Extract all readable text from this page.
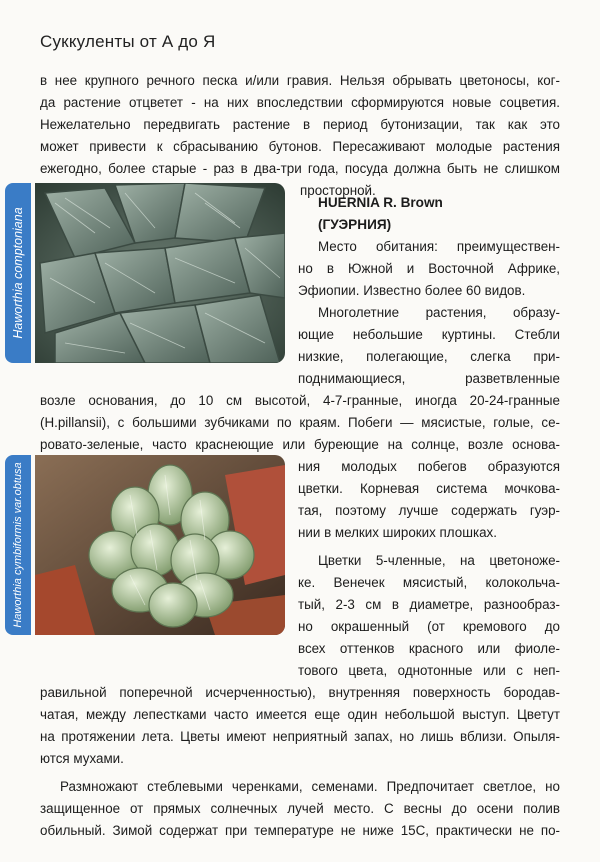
Суккуленты от А до Я
в нее крупного речного песка и/или гравия. Нельзя обрывать цветоносы, ког-
да растение отцветет - на них впоследствии сформируются новые соцветия.
Нежелательно передвигать растение в период бутонизации, так как это
может привести к сбрасыванию бутонов. Пересаживают молодые растения
ежегодно, более старые - раз в два-три года, посуда должна быть не слишком
Haworthia comptoniana
просторной.
HUERNIA R. Brown
(ГУЭРНИЯ)
Место обитания: преимуществен-
но в Южной и Восточной Африке,
Эфиопии. Известно более 60 видов.
Многолетние растения, образу-
ющие небольшие куртины. Стебли
низкие, полегающие, слегка при-
поднимающиеся, разветвленные
возле основания, до 10 см высотой, 4-7-гранные, иногда 20-24-гранные
(H.pillansii), с большими зубчиками по краям. Побеги — мясистые, голые, се-
Haworthia cymbiformis var.obtusa
ровато-зеленые, часто краснеющие или буреющие на солнце, возле основа-
ния молодых побегов образуются
цветки. Корневая система мочкова-
тая, поэтому лучше содержать гуэр-
нии в мелких широких плошках.
Цветки 5-членные, на цветоноже-
ке. Венечек мясистый, колокольча-
тый, 2-3 см в диаметре, разнообраз-
но окрашенный (от кремового до
всех оттенков красного или фиоле-
тового цвета, однотонные или с неп-
равильной поперечной исчерченностью), внутренняя поверхность бородав-
чатая, между лепестками часто имеется еще один небольшой выступ. Цветут
на протяжении лета. Цветы имеют неприятный запах, но лишь вблизи. Опыля-
ются мухами.
Размножают стеблевыми черенками, семенами. Предпочитает светлое, но
защищенное от прямых солнечных лучей место. С весны до осени полив
обильный. Зимой содержат при температуре не ниже 15С, практически не по-
